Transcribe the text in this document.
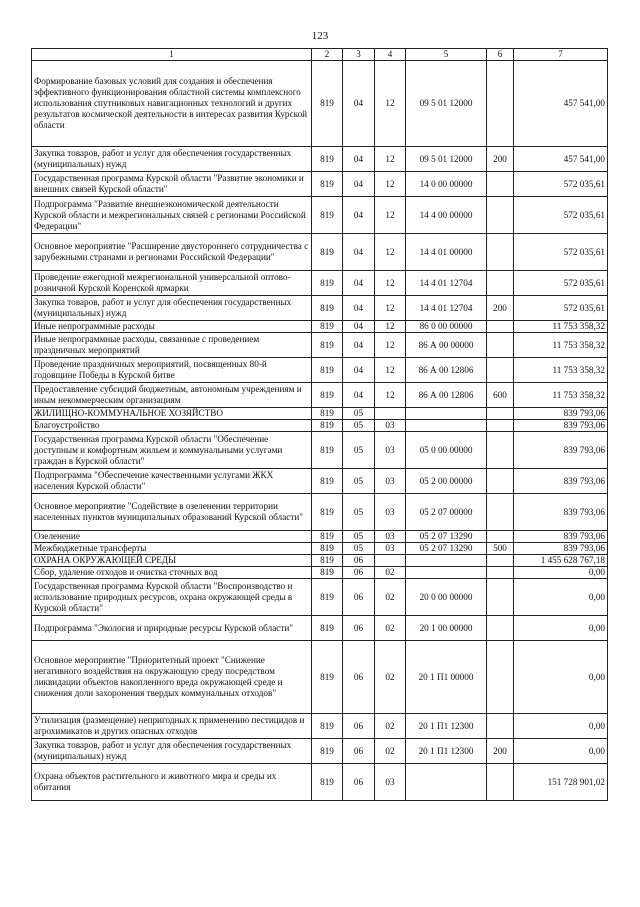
123
1	2	3	4	5	6	7
Формирование базовых условий для создания и обеспечения эффективного функционирования областной системы комплексного использования спутниковых навигационных технологий и других результатов космической деятельности в интересах развития Курской области	819	04	12	09 5 01 12000		457 541,00
Закупка товаров, работ и услуг для обеспечения государственных (муниципальных) нужд	819	04	12	09 5 01 12000	200	457 541,00
Государственная программа Курской области "Развитие экономики и внешних связей Курской области"	819	04	12	14 0 00 00000		572 035,61
Подпрограмма "Развитие внешнеэкономической деятельности Курской области и межрегиональных связей с регионами Российской Федерации"	819	04	12	14 4 00 00000		572 035,61
Основное мероприятие "Расширение двустороннего сотрудничества с зарубежными странами и регионами Российской Федерации"	819	04	12	14 4 01 00000		572 035,61
Проведение ежегодной межрегиональной универсальной оптово-розничной Курской Коренской ярмарки	819	04	12	14 4 01 12704		572 035,61
Закупка товаров, работ и услуг для обеспечения государственных (муниципальных) нужд	819	04	12	14 4 01 12704	200	572 035,61
Иные непрограммные расходы	819	04	12	86 0 00 00000		11 753 358,32
Иные непрограммные расходы, связанные с проведением праздничных мероприятий	819	04	12	86 А 00 00000		11 753 358,32
Проведение праздничных мероприятий, посвященных 80-й годовщине Победы в Курской битве	819	04	12	86 А 00 12806		11 753 358,32
Предоставление субсидий бюджетным, автономным учреждениям и иным некоммерческим организациям	819	04	12	86 А 00 12806	600	11 753 358,32
ЖИЛИЩНО-КОММУНАЛЬНОЕ ХОЗЯЙСТВО	819	05				839 793,06
Благоустройство	819	05	03			839 793,06
Государственная программа Курской области "Обеспечение доступным и комфортным жильем и коммунальными услугами граждан в Курской области"	819	05	03	05 0 00 00000		839 793,06
Подпрограмма "Обеспечение качественными услугами ЖКХ населения Курской области"	819	05	03	05 2 00 00000		839 793,06
Основное мероприятие "Содействие в озеленении территории населенных пунктов муниципальных образований Курской области"	819	05	03	05 2 07 00000		839 793,06
Озеленение	819	05	03	05 2 07 13290		839 793,06
Межбюджетные трансферты	819	05	03	05 2 07 13290	500	839 793,06
ОХРАНА ОКРУЖАЮЩЕЙ СРЕДЫ	819	06				1 455 628 767,18
Сбор, удаление отходов и очистка сточных вод	819	06	02			0,00
Государственная программа Курской области "Воспроизводство и использование природных ресурсов, охрана окружающей среды в Курской области"	819	06	02	20 0 00 00000		0,00
Подпрограмма "Экология и природные ресурсы Курской области"	819	06	02	20 1 00 00000		0,00
Основное мероприятие "Приоритетный проект "Снижение негативного воздействия на окружающую среду посредством ликвидации объектов накопленного вреда окружающей среде и снижения доли захоронения твердых коммунальных отходов"	819	06	02	20 1 П1 00000		0,00
Утилизация (размещение) непригодных к применению пестицидов и агрохимикатов и других опасных отходов	819	06	02	20 1 П1 12300		0,00
Закупка товаров, работ и услуг для обеспечения государственных (муниципальных) нужд	819	06	02	20 1 П1 12300	200	0,00
Охрана объектов растительного и животного мира и среды их обитания	819	06	03			151 728 901,02
